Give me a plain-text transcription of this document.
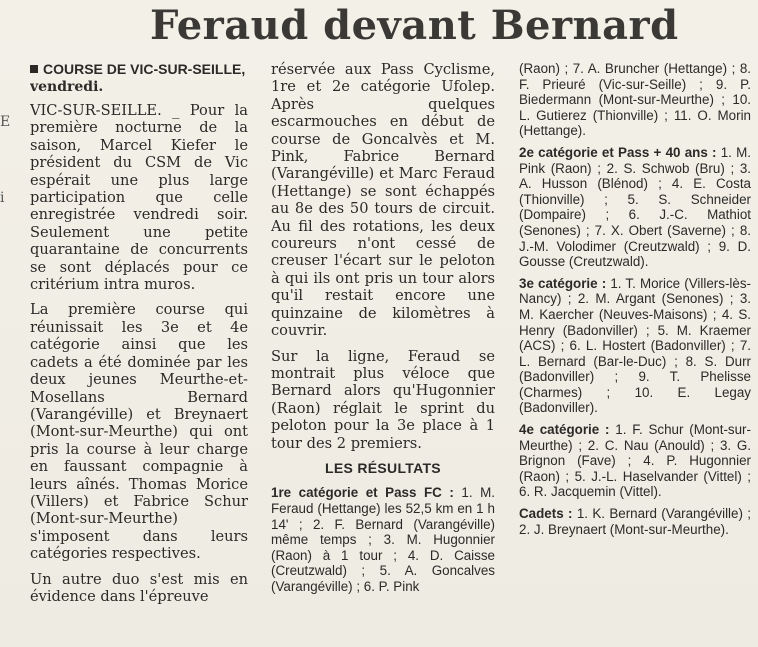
E
i
Feraud devant Bernard
COURSE DE VIC-SUR-SEILLE, vendredi.

VIC-SUR-SEILLE. _ Pour la première nocturne de la saison, Marcel Kiefer le président du CSM de Vic espérait une plus large participation que celle enregistrée vendredi soir. Seulement une petite quarantaine de concurrents se sont déplacés pour ce critérium intra muros.

La première course qui réunissait les 3e et 4e catégorie ainsi que les cadets a été dominée par les deux jeunes Meurthe-et-Mosellans Bernard (Varangéville) et Breynaert (Mont-sur-Meurthe) qui ont pris la course à leur charge en faussant compagnie à leurs aînés. Thomas Morice (Villers) et Fabrice Schur (Mont-sur-Meurthe) s'imposent dans leurs catégories respectives.

Un autre duo s'est mis en évidence dans l'épreuve

réservée aux Pass Cyclisme, 1re et 2e catégorie Ufolep. Après quelques escarmouches en début de course de Goncalvès et M. Pink, Fabrice Bernard (Varangéville) et Marc Feraud (Hettange) se sont échappés au 8e des 50 tours de circuit. Au fil des rotations, les deux coureurs n'ont cessé de creuser l'écart sur le peloton à qui ils ont pris un tour alors qu'il restait encore une quinzaine de kilomètres à couvrir.

Sur la ligne, Feraud se montrait plus véloce que Bernard alors qu'Hugonnier (Raon) réglait le sprint du peloton pour la 3e place à 1 tour des 2 premiers.

LES RÉSULTATS

1re catégorie et Pass FC : 1. M. Feraud (Hettange) les 52,5 km en 1 h 14' ; 2. F. Bernard (Varangéville) même temps ; 3. M. Hugonnier (Raon) à 1 tour ; 4. D. Caisse (Creutzwald) ; 5. A. Goncalves (Varangéville) ; 6. P. Pink

(Raon) ; 7. A. Bruncher (Hettange) ; 8. F. Prieuré (Vic-sur-Seille) ; 9. P. Biedermann (Mont-sur-Meurthe) ; 10. L. Gutierez (Thionville) ; 11. O. Morin (Hettange).

2e catégorie et Pass + 40 ans : 1. M. Pink (Raon) ; 2. S. Schwob (Bru) ; 3. A. Husson (Blénod) ; 4. E. Costa (Thionville) ; 5. S. Schneider (Dompaire) ; 6. J.-C. Mathiot (Senones) ; 7. X. Obert (Saverne) ; 8. J.-M. Volodimer (Creutzwald) ; 9. D. Gousse (Creutzwald).

3e catégorie : 1. T. Morice (Villers-lès-Nancy) ; 2. M. Argant (Senones) ; 3. M. Kaercher (Neuves-Maisons) ; 4. S. Henry (Badonviller) ; 5. M. Kraemer (ACS) ; 6. L. Hostert (Badonviller) ; 7. L. Bernard (Bar-le-Duc) ; 8. S. Durr (Badonviller) ; 9. T. Phelisse (Charmes) ; 10. E. Legay (Badonviller).

4e catégorie : 1. F. Schur (Mont-sur-Meurthe) ; 2. C. Nau (Anould) ; 3. G. Brignon (Fave) ; 4. P. Hugonnier (Raon) ; 5. J.-L. Haselvander (Vittel) ; 6. R. Jacquemin (Vittel).

Cadets : 1. K. Bernard (Varangéville) ; 2. J. Breynaert (Mont-sur-Meurthe).
